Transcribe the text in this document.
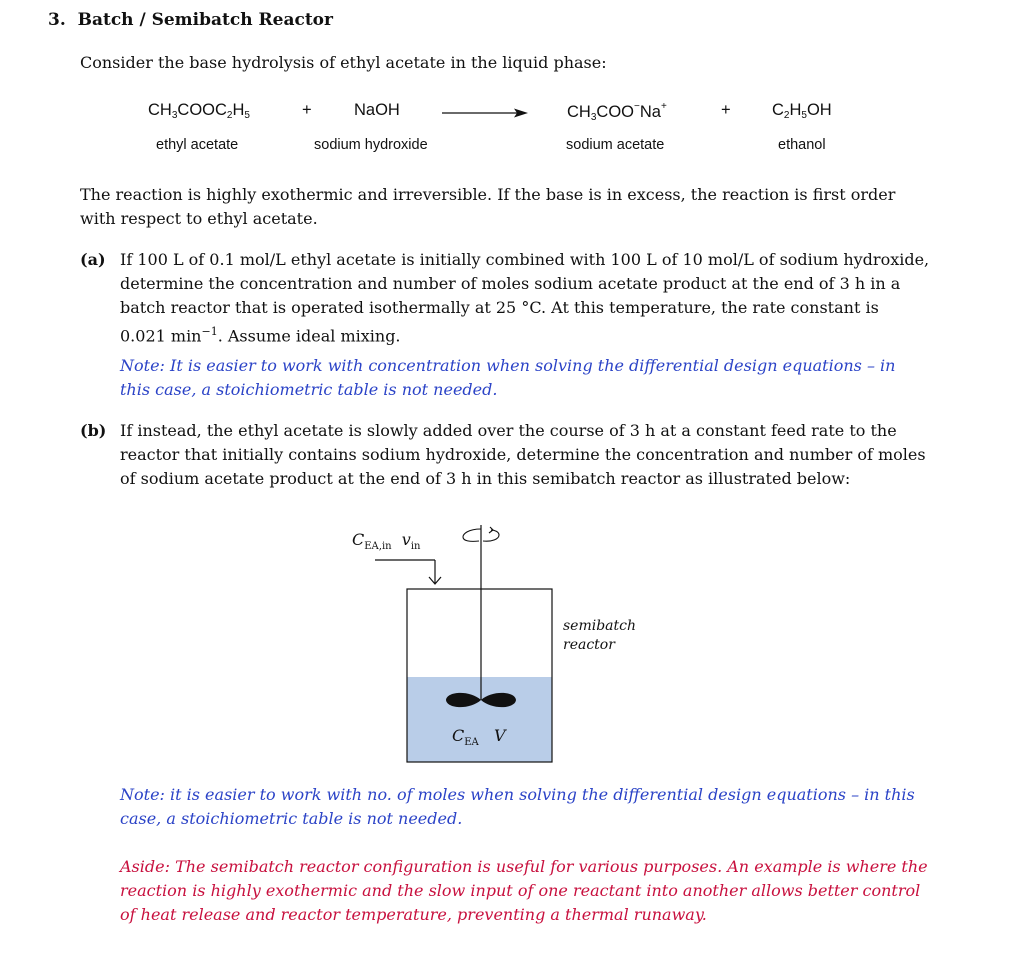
3. Batch / Semibatch Reactor
Consider the base hydrolysis of ethyl acetate in the liquid phase:
$CH_3COOC_2H_5$	+	NaOH	$CH_3COO^-Na^+$	+	$C_2H_5OH$
ethyl acetate	sodium hydroxide	sodium acetate	ethanol
The reaction is highly exothermic and irreversible. If the base is in excess, the reaction is first order
with respect to ethyl acetate.
(a) If 100 L of 0.1 mol/L ethyl acetate is initially combined with 100 L of 10 mol/L of sodium hydroxide,
determine the concentration and number of moles sodium acetate product at the end of 3 h in a
batch reactor that is operated isothermally at 25 °C. At this temperature, the rate constant is
0.021 $\min^{-1}$. Assume ideal mixing.
Note: It is easier to work with concentration when solving the differential design equations – in
this case, a stoichiometric table is not needed.
(b) If instead, the ethyl acetate is slowly added over the course of 3 h at a constant feed rate to the
reactor that initially contains sodium hydroxide, determine the concentration and number of moles
of sodium acetate product at the end of 3 h in this semibatch reactor as illustrated below:
$C_{EA,in}$ $v_{in}$
semibatch
reactor
$C_{EA}$ V
Note: it is easier to work with no. of moles when solving the differential design equations – in this
case, a stoichiometric table is not needed.
Aside: The semibatch reactor configuration is useful for various purposes. An example is where the
reaction is highly exothermic and the slow input of one reactant into another allows better control
of heat release and reactor temperature, preventing a thermal runaway.
